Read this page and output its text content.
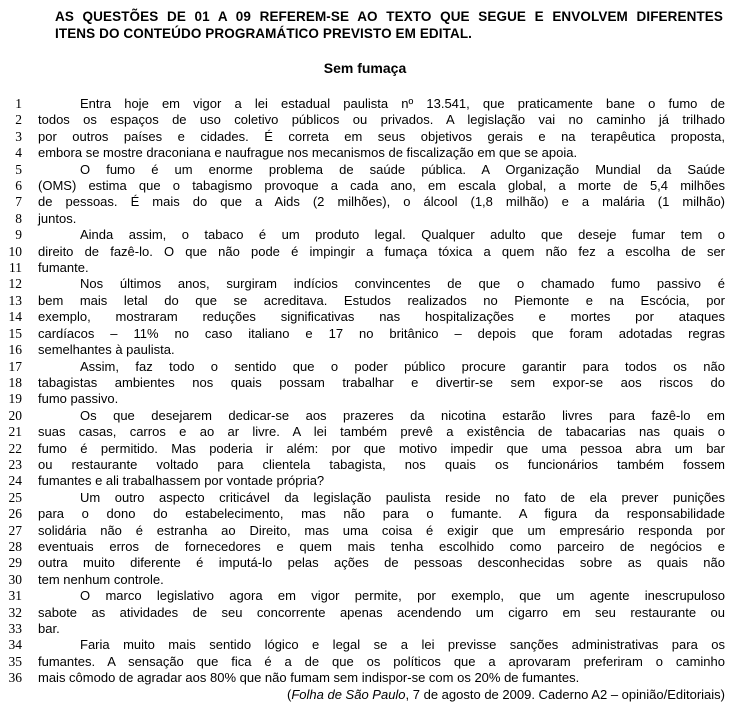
AS QUESTÕES DE 01 A 09 REFEREM-SE AO TEXTO QUE SEGUE E ENVOLVEM DIFERENTES
ITENS DO CONTEÚDO PROGRAMÁTICO PREVISTO EM EDITAL.
Sem fumaça
1	Entra hoje em vigor a lei estadual paulista nº 13.541, que praticamente bane o fumo de
2 todos os espaços de uso coletivo públicos ou privados. A legislação vai no caminho já trilhado
3 por outros países e cidades. É correta em seus objetivos gerais e na terapêutica proposta,
4 embora se mostre draconiana e naufrague nos mecanismos de fiscalização em que se apoia.
5	O fumo é um enorme problema de saúde pública. A Organização Mundial da Saúde
6 (OMS) estima que o tabagismo provoque a cada ano, em escala global, a morte de 5,4 milhões
7 de pessoas. É mais do que a Aids (2 milhões), o álcool (1,8 milhão) e a malária (1 milhão)
8 juntos.
9	Ainda assim, o tabaco é um produto legal. Qualquer adulto que deseje fumar tem o
10 direito de fazê-lo. O que não pode é impingir a fumaça tóxica a quem não fez a escolha de ser
11 fumante.
12	Nos últimos anos, surgiram indícios convincentes de que o chamado fumo passivo é
13 bem mais letal do que se acreditava. Estudos realizados no Piemonte e na Escócia, por
14 exemplo, mostraram reduções significativas nas hospitalizações e mortes por ataques
15 cardíacos – 11% no caso italiano e 17 no britânico – depois que foram adotadas regras
16 semelhantes à paulista.
17	Assim, faz todo o sentido que o poder público procure garantir para todos os não
18 tabagistas ambientes nos quais possam trabalhar e divertir-se sem expor-se aos riscos do
19 fumo passivo.
20	Os que desejarem dedicar-se aos prazeres da nicotina estarão livres para fazê-lo em
21 suas casas, carros e ao ar livre. A lei também prevê a existência de tabacarias nas quais o
22 fumo é permitido. Mas poderia ir além: por que motivo impedir que uma pessoa abra um bar
23 ou restaurante voltado para clientela tabagista, nos quais os funcionários também fossem
24 fumantes e ali trabalhassem por vontade própria?
25	Um outro aspecto criticável da legislação paulista reside no fato de ela prever punições
26 para o dono do estabelecimento, mas não para o fumante. A figura da responsabilidade
27 solidária não é estranha ao Direito, mas uma coisa é exigir que um empresário responda por
28 eventuais erros de fornecedores e quem mais tenha escolhido como parceiro de negócios e
29 outra muito diferente é imputá-lo pelas ações de pessoas desconhecidas sobre as quais não
30 tem nenhum controle.
31	O marco legislativo agora em vigor permite, por exemplo, que um agente inescrupuloso
32 sabote as atividades de seu concorrente apenas acendendo um cigarro em seu restaurante ou
33 bar.
34	Faria muito mais sentido lógico e legal se a lei previsse sanções administrativas para os
35 fumantes. A sensação que fica é a de que os políticos que a aprovaram preferiram o caminho
36 mais cômodo de agradar aos 80% que não fumam sem indispor-se com os 20% de fumantes.
(Folha de São Paulo, 7 de agosto de 2009. Caderno A2 – opinião/Editoriais)
